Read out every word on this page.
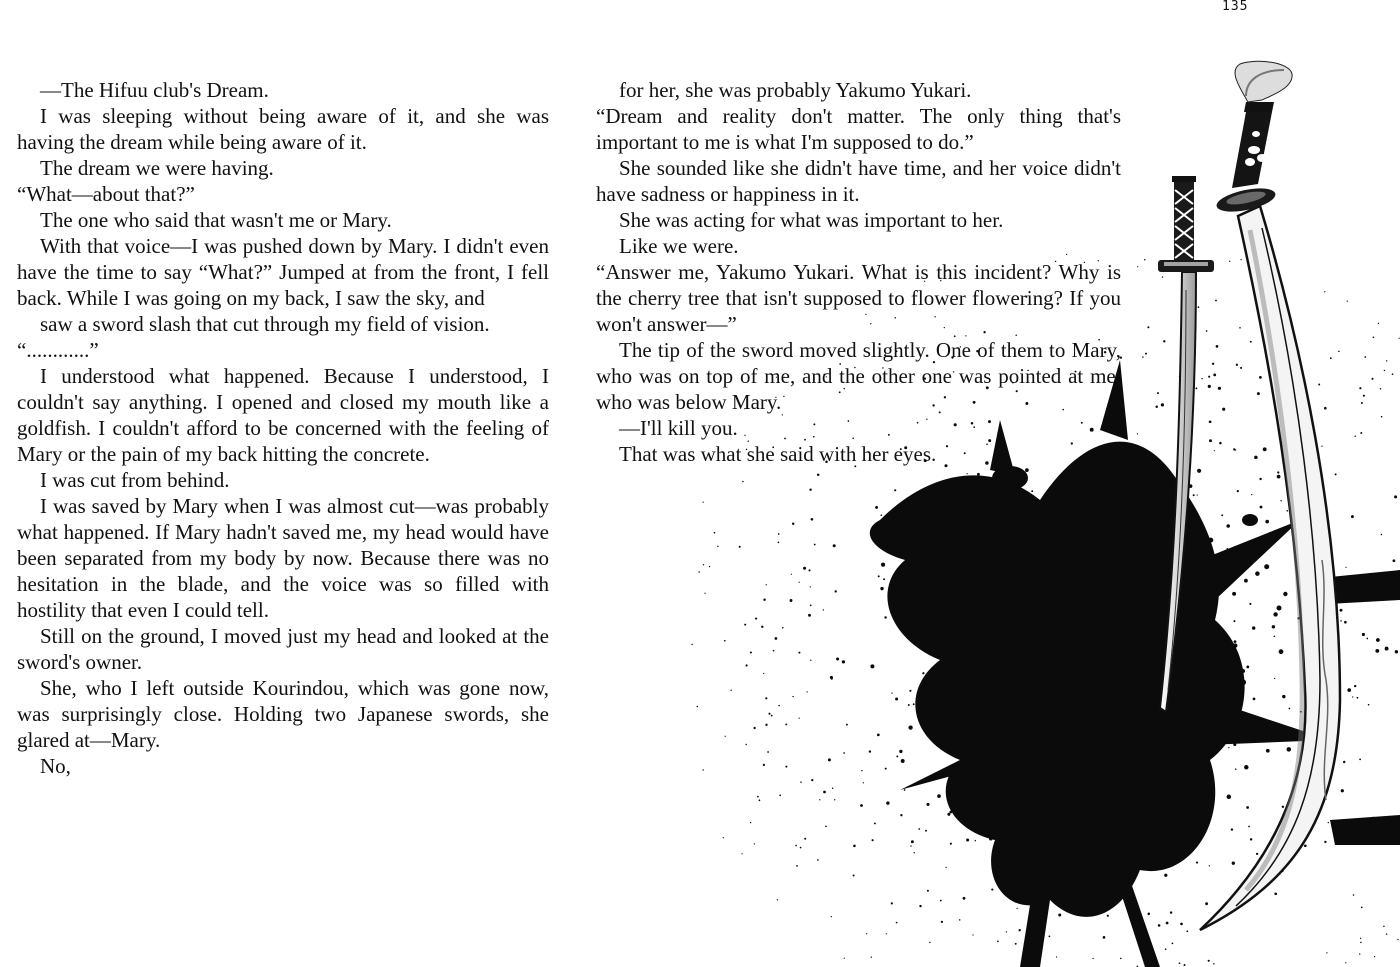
135

—The Hifuu club's Dream.

I was sleeping without being aware of it, and she was having the dream while being aware of it.

The dream we were having.

“What—about that?”

The one who said that wasn't me or Mary.

With that voice—I was pushed down by Mary. I didn't even have the time to say “What?” Jumped at from the front, I fell back. While I was going on my back, I saw the sky, and

saw a sword slash that cut through my field of vision.

“............”

I understood what happened. Because I understood, I couldn't say anything. I opened and closed my mouth like a goldfish. I couldn't afford to be concerned with the feeling of Mary or the pain of my back hitting the concrete.

I was cut from behind.

I was saved by Mary when I was almost cut—was probably what happened. If Mary hadn't saved me, my head would have been separated from my body by now. Because there was no hesitation in the blade, and the voice was so filled with hostility that even I could tell.

Still on the ground, I moved just my head and looked at the sword's owner.

She, who I left outside Kourindou, which was gone now, was surprisingly close. Holding two Japanese swords, she glared at—Mary.

No,

for her, she was probably Yakumo Yukari.

“Dream and reality don't matter. The only thing that's important to me is what I'm supposed to do.”

She sounded like she didn't have time, and her voice didn't have sadness or happiness in it.

She was acting for what was important to her.

Like we were.

“Answer me, Yakumo Yukari. What is this incident? Why is the cherry tree that isn't supposed to flower flowering? If you won't answer—”

The tip of the sword moved slightly. One of them to Mary, who was on top of me, and the other one was pointed at me, who was below Mary.

—I'll kill you.

That was what she said with her eyes.
